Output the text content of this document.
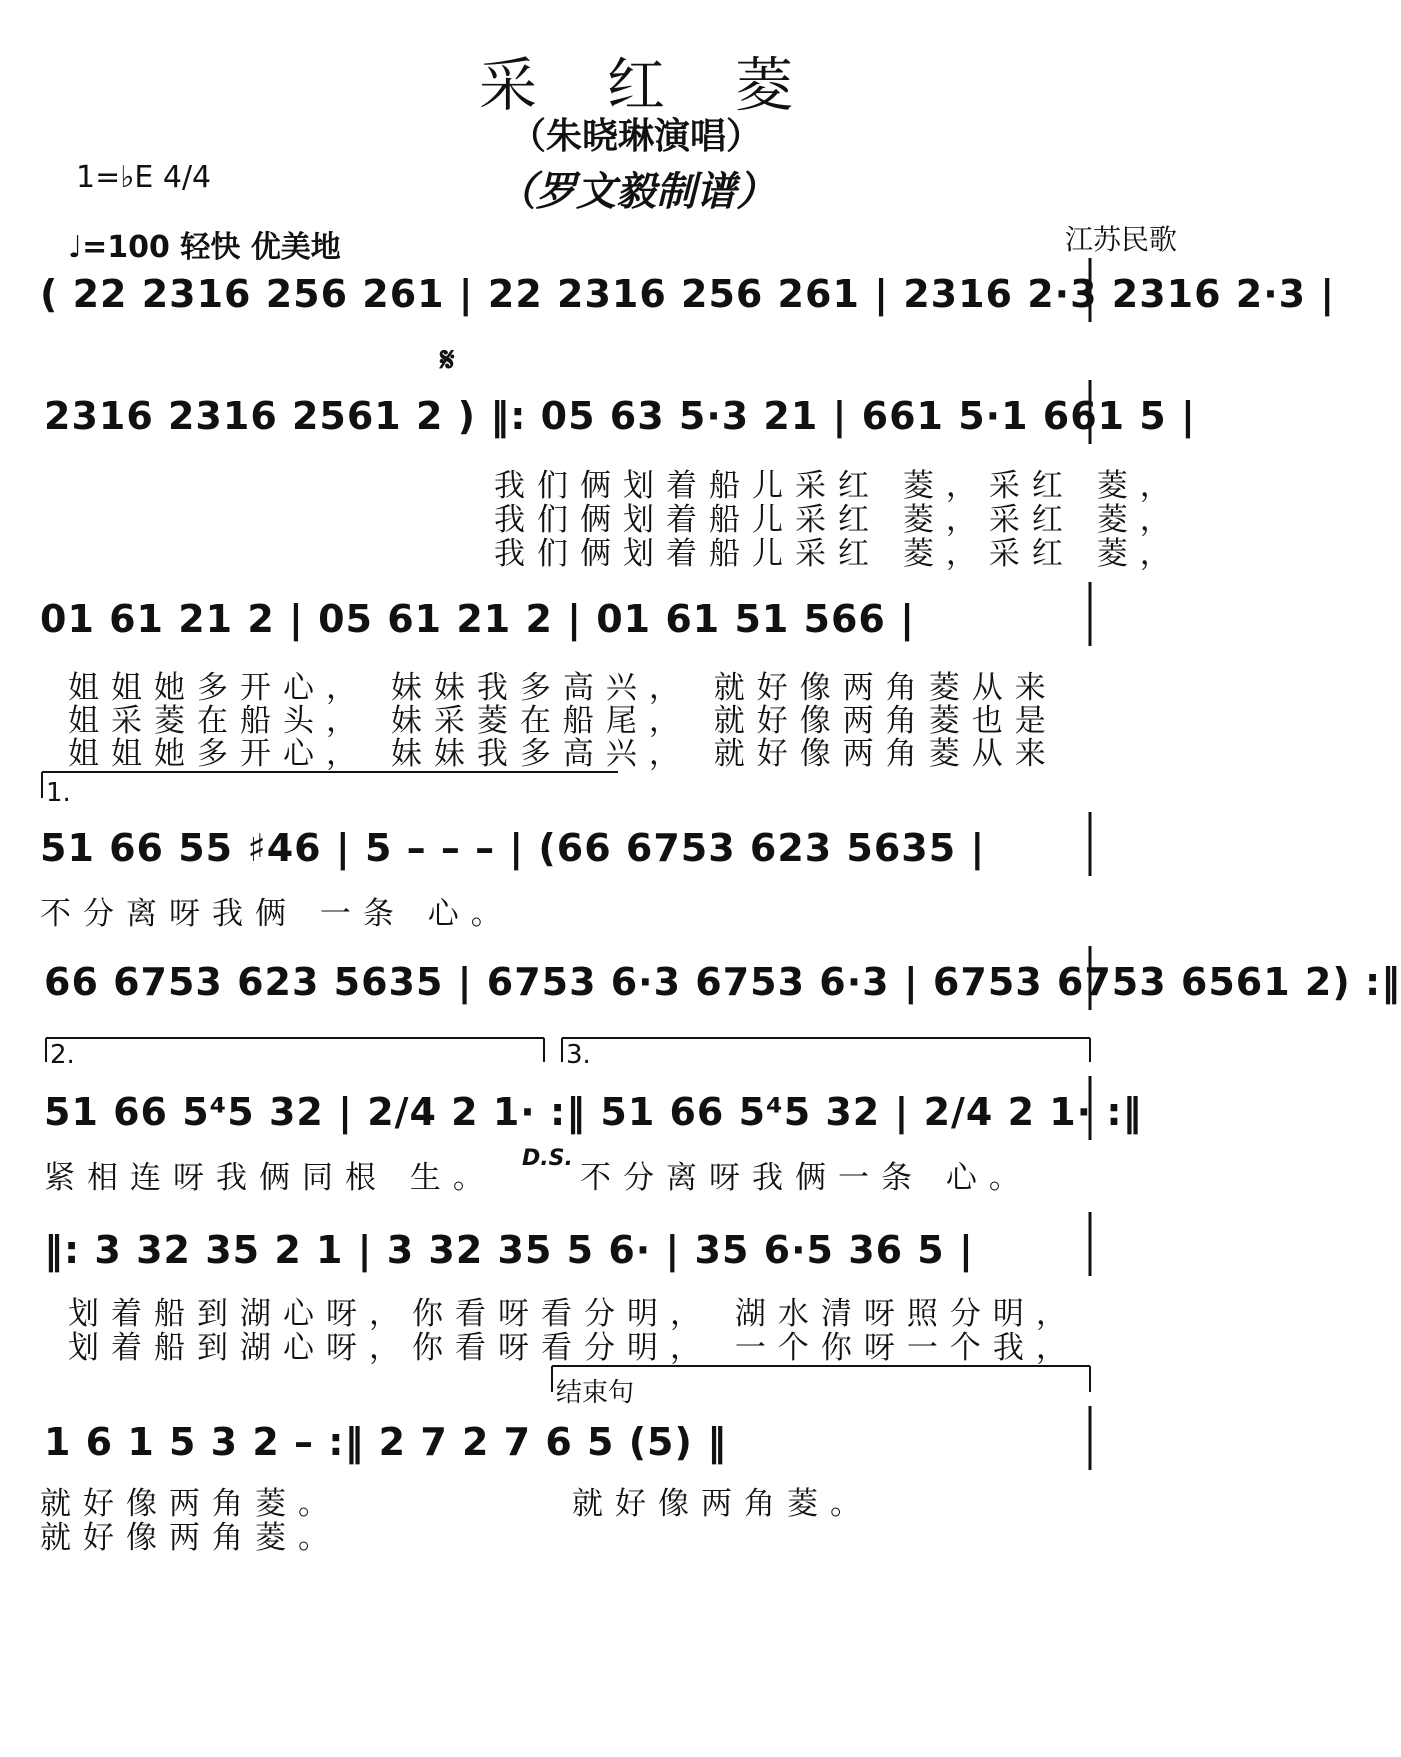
采红菱
（朱晓琳演唱）
（罗文毅制谱）
1=♭E 4/4
♩=100 轻快 优美地	江苏民歌
( 22 2316 256 261 | 22 2316 256 261 | 2316 2·3 2316 2·3 |
𝄋
2316 2316 2561 2 ) ‖: 05 63 5·3 21 | 661 5·1 661 5 |
我们俩划着船儿采红 菱，采红 菱，
我们俩划着船儿采红 菱，采红 菱，
我们俩划着船儿采红 菱，采红 菱，
01 61 21 2 | 05 61 21 2 | 01 61 51 566 |
姐姐她多开心， 妹妹我多高兴， 就好像两角菱从来
姐采菱在船头， 妹采菱在船尾， 就好像两角菱也是
姐姐她多开心， 妹妹我多高兴， 就好像两角菱从来
1.
51 66 55 ♯46 | 5 – – – | (66 6753 623 5635 |
不分离呀我俩 一条 心。
66 6753 623 5635 | 6753 6·3 6753 6·3 | 6753 6753 6561 2) :‖
2.	3.
51 66 5⁴5 32 | 2/4 2 1· :‖ 51 66 5⁴5 32 | 2/4 2 1· :‖
D.S.
紧相连呀我俩同根 生。	不分离呀我俩一条 心。
‖: 3 32 35 2 1 | 3 32 35 5 6· | 35 6·5 36 5 |
划着船到湖心呀，你看呀看分明， 湖水清呀照分明，
划着船到湖心呀，你看呀看分明， 一个你呀一个我，
结束句
1 6 1 5 3 2 – :‖ 2 7 2 7 6 5 (5) ‖
就好像两角菱。	就好像两角菱。
就好像两角菱。
